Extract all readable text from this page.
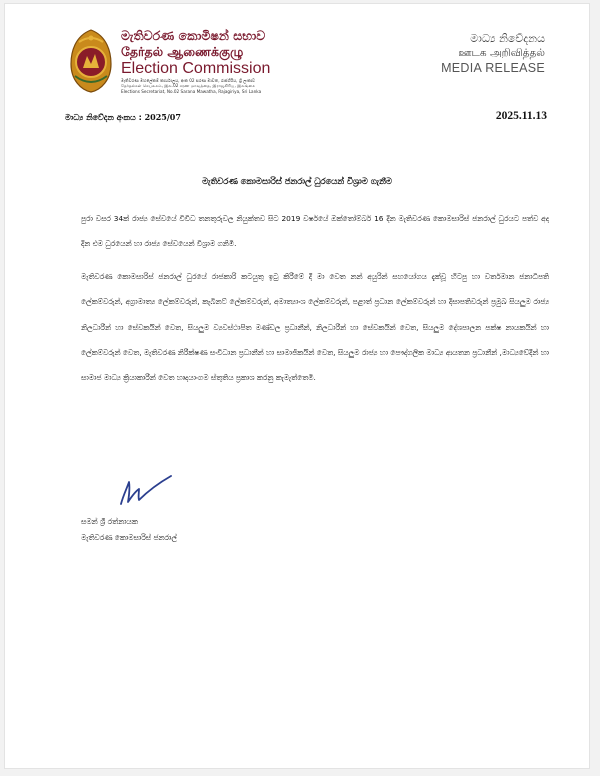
මැතිවරණ කොමිෂන් සභාව
தேர்தல் ஆணைக்குழு
Election Commission
මැතිවරණ මහලේකම් කාර්යාලය, අංක 02 සරණ මාවත, රාජගිරිය, ශ්‍රී ලංකාව
தேர்தல்கள் செயலகம், இல.02 சரண மாவத்தை, இராஜகிரிய, இலங்கை
Elections Secretariat, No.02 Sarana Mawatha, Rajagiriya, Sri Lanka
මාධ්‍ය නිවේදනය
ஊடக அறிவித்தல்
MEDIA RELEASE
මාධ්‍ය නිවේදන අංකය : 2025/07	2025.11.13
මැතිවරණ කොමසාරිස් ජනරාල් ධුරයෙන් විශ්‍රාම ගැනීම

පුරා වසර 34ක් රාජ්‍ය සේවයේ විවිධ තනතුරුවල නියුක්තව සිට 2019 වර්ෂයේ ඔක්තෝම්බර් 16 දින මැතිවරණ කොමසාරිස් ජනරාල් ධුරයට පත්ව අද දින එම ධුරයෙන් හා රාජ්‍ය සේවයෙන් විශ්‍රාම ගනිමි.

මැතිවරණ කොමසාරිස් ජනරාල් ධුරයේ රාජකාරි කටයුතු ඉටු කිරීමේ දී මා වෙත නන් අයුරින් සහයෝගය දැක්වූ හිටපු හා වර්තමාන ජනාධිපති ලේකම්වරුන්, අග්‍රාමාත්‍ය ලේකම්වරුන්, කැබිනට් ලේකම්වරුන්, අමාත්‍යාංශ ලේකම්වරුන්, පළාත් ප්‍රධාන ලේකම්වරුන් හා දිසාපතිවරුන් ප්‍රමුඛ සියලුම රාජ්‍ය නිලධාරීන් හා සේවකයින් වෙත, සියලුම ව්‍යවස්ථාපිත මණ්ඩල ප්‍රධානීන්, නිලධාරීන් හා සේවකයින් වෙත, සියලුම දේශපාලන පක්ෂ නායකයින් හා ලේකම්වරුන් වෙත, මැතිවරණ නිරීක්ෂණ සංවිධාන ප්‍රධානීන් හා සාමාජිකයින් වෙත, සියලුම රාජ්‍ය හා පෞද්ගලික මාධ්‍ය ආයතන ප්‍රධානීන් ,මාධ්‍යවේදීන් හා සාමාජ මාධ්‍ය ක්‍රියාකාරීන් වෙත හෘදයාංගම ස්තුතිය ප්‍රකාශ කරනු කැමැත්තෙමි.

සමන් ශ්‍රී රත්නායක
මැතිවරණ කොමසාරිස් ජනරාල්
